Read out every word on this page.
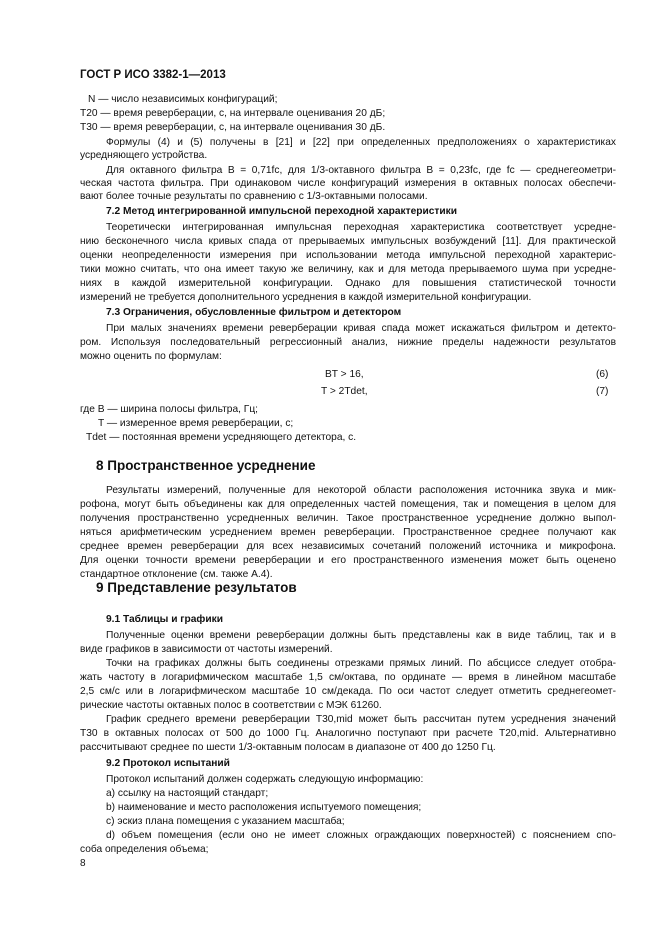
ГОСТ Р ИСО 3382-1—2013
N — число независимых конфигураций;
T20 — время реверберации, с, на интервале оценивания 20 дБ;
T30 — время реверберации, с, на интервале оценивания 30 дБ.
Формулы (4) и (5) получены в [21] и [22] при определенных предположениях о характеристиках
усредняющего устройства.
Для октавного фильтра B = 0,71fc, для 1/3-октавного фильтра B = 0,23fc, где fc — среднегеометри-
ческая частота фильтра. При одинаковом числе конфигураций измерения в октавных полосах обеспечи-
вают более точные результаты по сравнению с 1/3-октавными полосами.
7.2 Метод интегрированной импульсной переходной характеристики
Теоретически интегрированная импульсная переходная характеристика соответствует усредне-
нию бесконечного числа кривых спада от прерываемых импульсных возбуждений [11]. Для практической
оценки неопределенности измерения при использовании метода импульсной переходной характерис-
тики можно считать, что она имеет такую же величину, как и для метода прерываемого шума при усредне-
ниях в каждой измерительной конфигурации. Однако для повышения статистической точности
измерений не требуется дополнительного усреднения в каждой измерительной конфигурации.
7.3 Ограничения, обусловленные фильтром и детектором
При малых значениях времени реверберации кривая спада может искажаться фильтром и детекто-
ром. Используя последовательный регрессионный анализ, нижние пределы надежности результатов
можно оценить по формулам:
BT > 16,	(6)
T > 2Tdet,	(7)
где B — ширина полосы фильтра, Гц;
T — измеренное время реверберации, с;
Tdet — постоянная времени усредняющего детектора, с.
8 Пространственное усреднение
Результаты измерений, полученные для некоторой области расположения источника звука и мик-
рофона, могут быть объединены как для определенных частей помещения, так и помещения в целом для
получения пространственно усредненных величин. Такое пространственное усреднение должно выпол-
няться арифметическим усреднением времен реверберации. Пространственное среднее получают как
среднее времен реверберации для всех независимых сочетаний положений источника и микрофона.
Для оценки точности времени реверберации и его пространственного изменения может быть оценено
стандартное отклонение (см. также А.4).
9 Представление результатов
9.1 Таблицы и графики
Полученные оценки времени реверберации должны быть представлены как в виде таблиц, так и в
виде графиков в зависимости от частоты измерений.
Точки на графиках должны быть соединены отрезками прямых линий. По абсциссе следует отобра-
жать частоту в логарифмическом масштабе 1,5 см/октава, по ординате — время в линейном масштабе
2,5 см/с или в логарифмическом масштабе 10 см/декада. По оси частот следует отметить среднегеомет-
рические частоты октавных полос в соответствии с МЭК 61260.
График среднего времени реверберации T30,mid может быть рассчитан путем усреднения значений
T30 в октавных полосах от 500 до 1000 Гц. Аналогично поступают при расчете T20,mid. Альтернативно
рассчитывают среднее по шести 1/3-октавным полосам в диапазоне от 400 до 1250 Гц.
9.2 Протокол испытаний
Протокол испытаний должен содержать следующую информацию:
a) ссылку на настоящий стандарт;
b) наименование и место расположения испытуемого помещения;
c) эскиз плана помещения с указанием масштаба;
d) объем помещения (если оно не имеет сложных ограждающих поверхностей) с пояснением спо-
соба определения объема;
8
